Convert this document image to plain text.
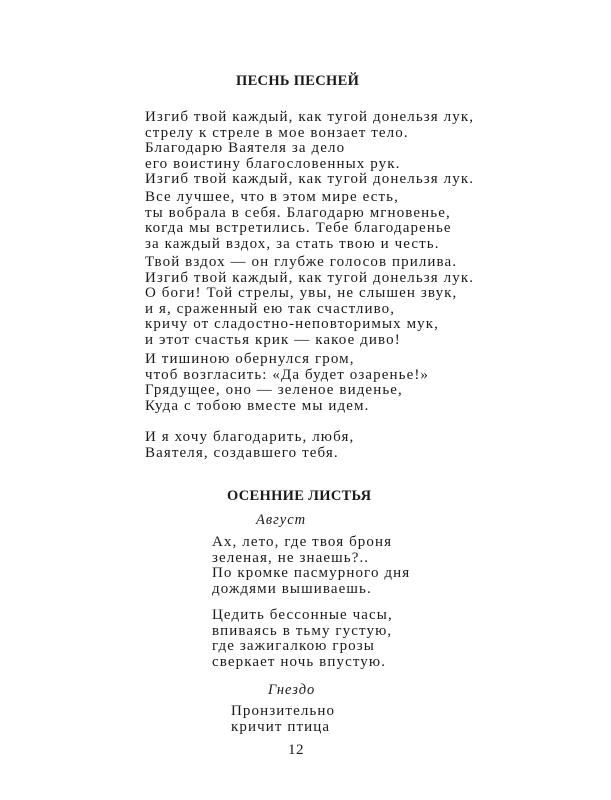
ПЕСНЬ ПЕСНЕЙ
Изгиб твой каждый, как тугой донельзя лук,
стрелу к стреле в мое вонзает тело.
Благодарю Ваятеля за дело
его воистину благословенных рук.
Изгиб твой каждый, как тугой донельзя лук.
Все лучшее, что в этом мире есть,
ты вобрала в себя. Благодарю мгновенье,
когда мы встретились. Тебе благодаренье
за каждый вздох, за стать твою и честь.
Твой вздох — он глубже голосов прилива.
Изгиб твой каждый, как тугой донельзя лук.
О боги! Той стрелы, увы, не слышен звук,
и я, сраженный ею так счастливо,
кричу от сладостно-неповторимых мук,
и этот счастья крик — какое диво!
И тишиною обернулся гром,
чтоб возгласить: «Да будет озаренье!»
Грядущее, оно — зеленое виденье,
Куда с тобою вместе мы идем.
И я хочу благодарить, любя,
Ваятеля, создавшего тебя.
ОСЕННИЕ ЛИСТЬЯ
Август
Ах, лето, где твоя броня
зеленая, не знаешь?..
По кромке пасмурного дня
дождями вышиваешь.
Цедить бессонные часы,
впиваясь в тьму густую,
где зажигалкою грозы
сверкает ночь впустую.
Гнездо
Пронзительно
кричит птица
12
